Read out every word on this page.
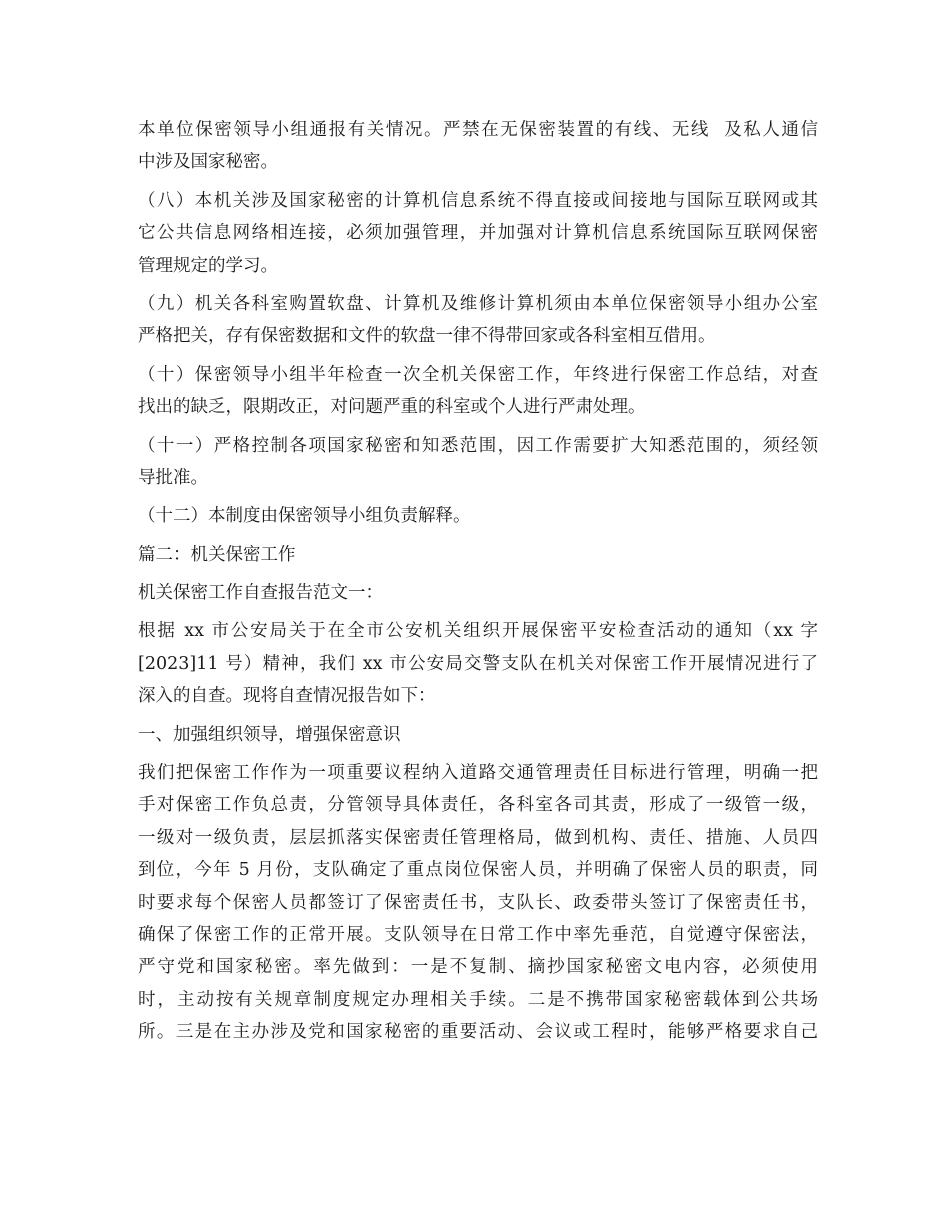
本单位保密领导小组通报有关情况。严禁在无保密装置的有线、无线  及私人通信
中涉及国家秘密。
（八）本机关涉及国家秘密的计算机信息系统不得直接或间接地与国际互联网或其
它公共信息网络相连接，必须加强管理，并加强对计算机信息系统国际互联网保密
管理规定的学习。
（九）机关各科室购置软盘、计算机及维修计算机须由本单位保密领导小组办公室
严格把关，存有保密数据和文件的软盘一律不得带回家或各科室相互借用。
（十）保密领导小组半年检查一次全机关保密工作，年终进行保密工作总结，对查
找出的缺乏，限期改正，对问题严重的科室或个人进行严肃处理。
（十一）严格控制各项国家秘密和知悉范围，因工作需要扩大知悉范围的，须经领
导批准。
（十二）本制度由保密领导小组负责解释。
篇二：机关保密工作
机关保密工作自查报告范文一：
根据 xx 市公安局关于在全市公安机关组织开展保密平安检查活动的通知（xx 字
[2023]11 号）精神，我们 xx 市公安局交警支队在机关对保密工作开展情况进行了
深入的自查。现将自查情况报告如下：
一、加强组织领导，增强保密意识
我们把保密工作作为一项重要议程纳入道路交通管理责任目标进行管理，明确一把
手对保密工作负总责，分管领导具体责任，各科室各司其责，形成了一级管一级，
一级对一级负责，层层抓落实保密责任管理格局，做到机构、责任、措施、人员四
到位，今年 5 月份，支队确定了重点岗位保密人员，并明确了保密人员的职责，同
时要求每个保密人员都签订了保密责任书，支队长、政委带头签订了保密责任书，
确保了保密工作的正常开展。支队领导在日常工作中率先垂范，自觉遵守保密法，
严守党和国家秘密。率先做到：一是不复制、摘抄国家秘密文电内容，必须使用
时，主动按有关规章制度规定办理相关手续。二是不携带国家秘密载体到公共场
所。三是在主办涉及党和国家秘密的重要活动、会议或工程时，能够严格要求自己
